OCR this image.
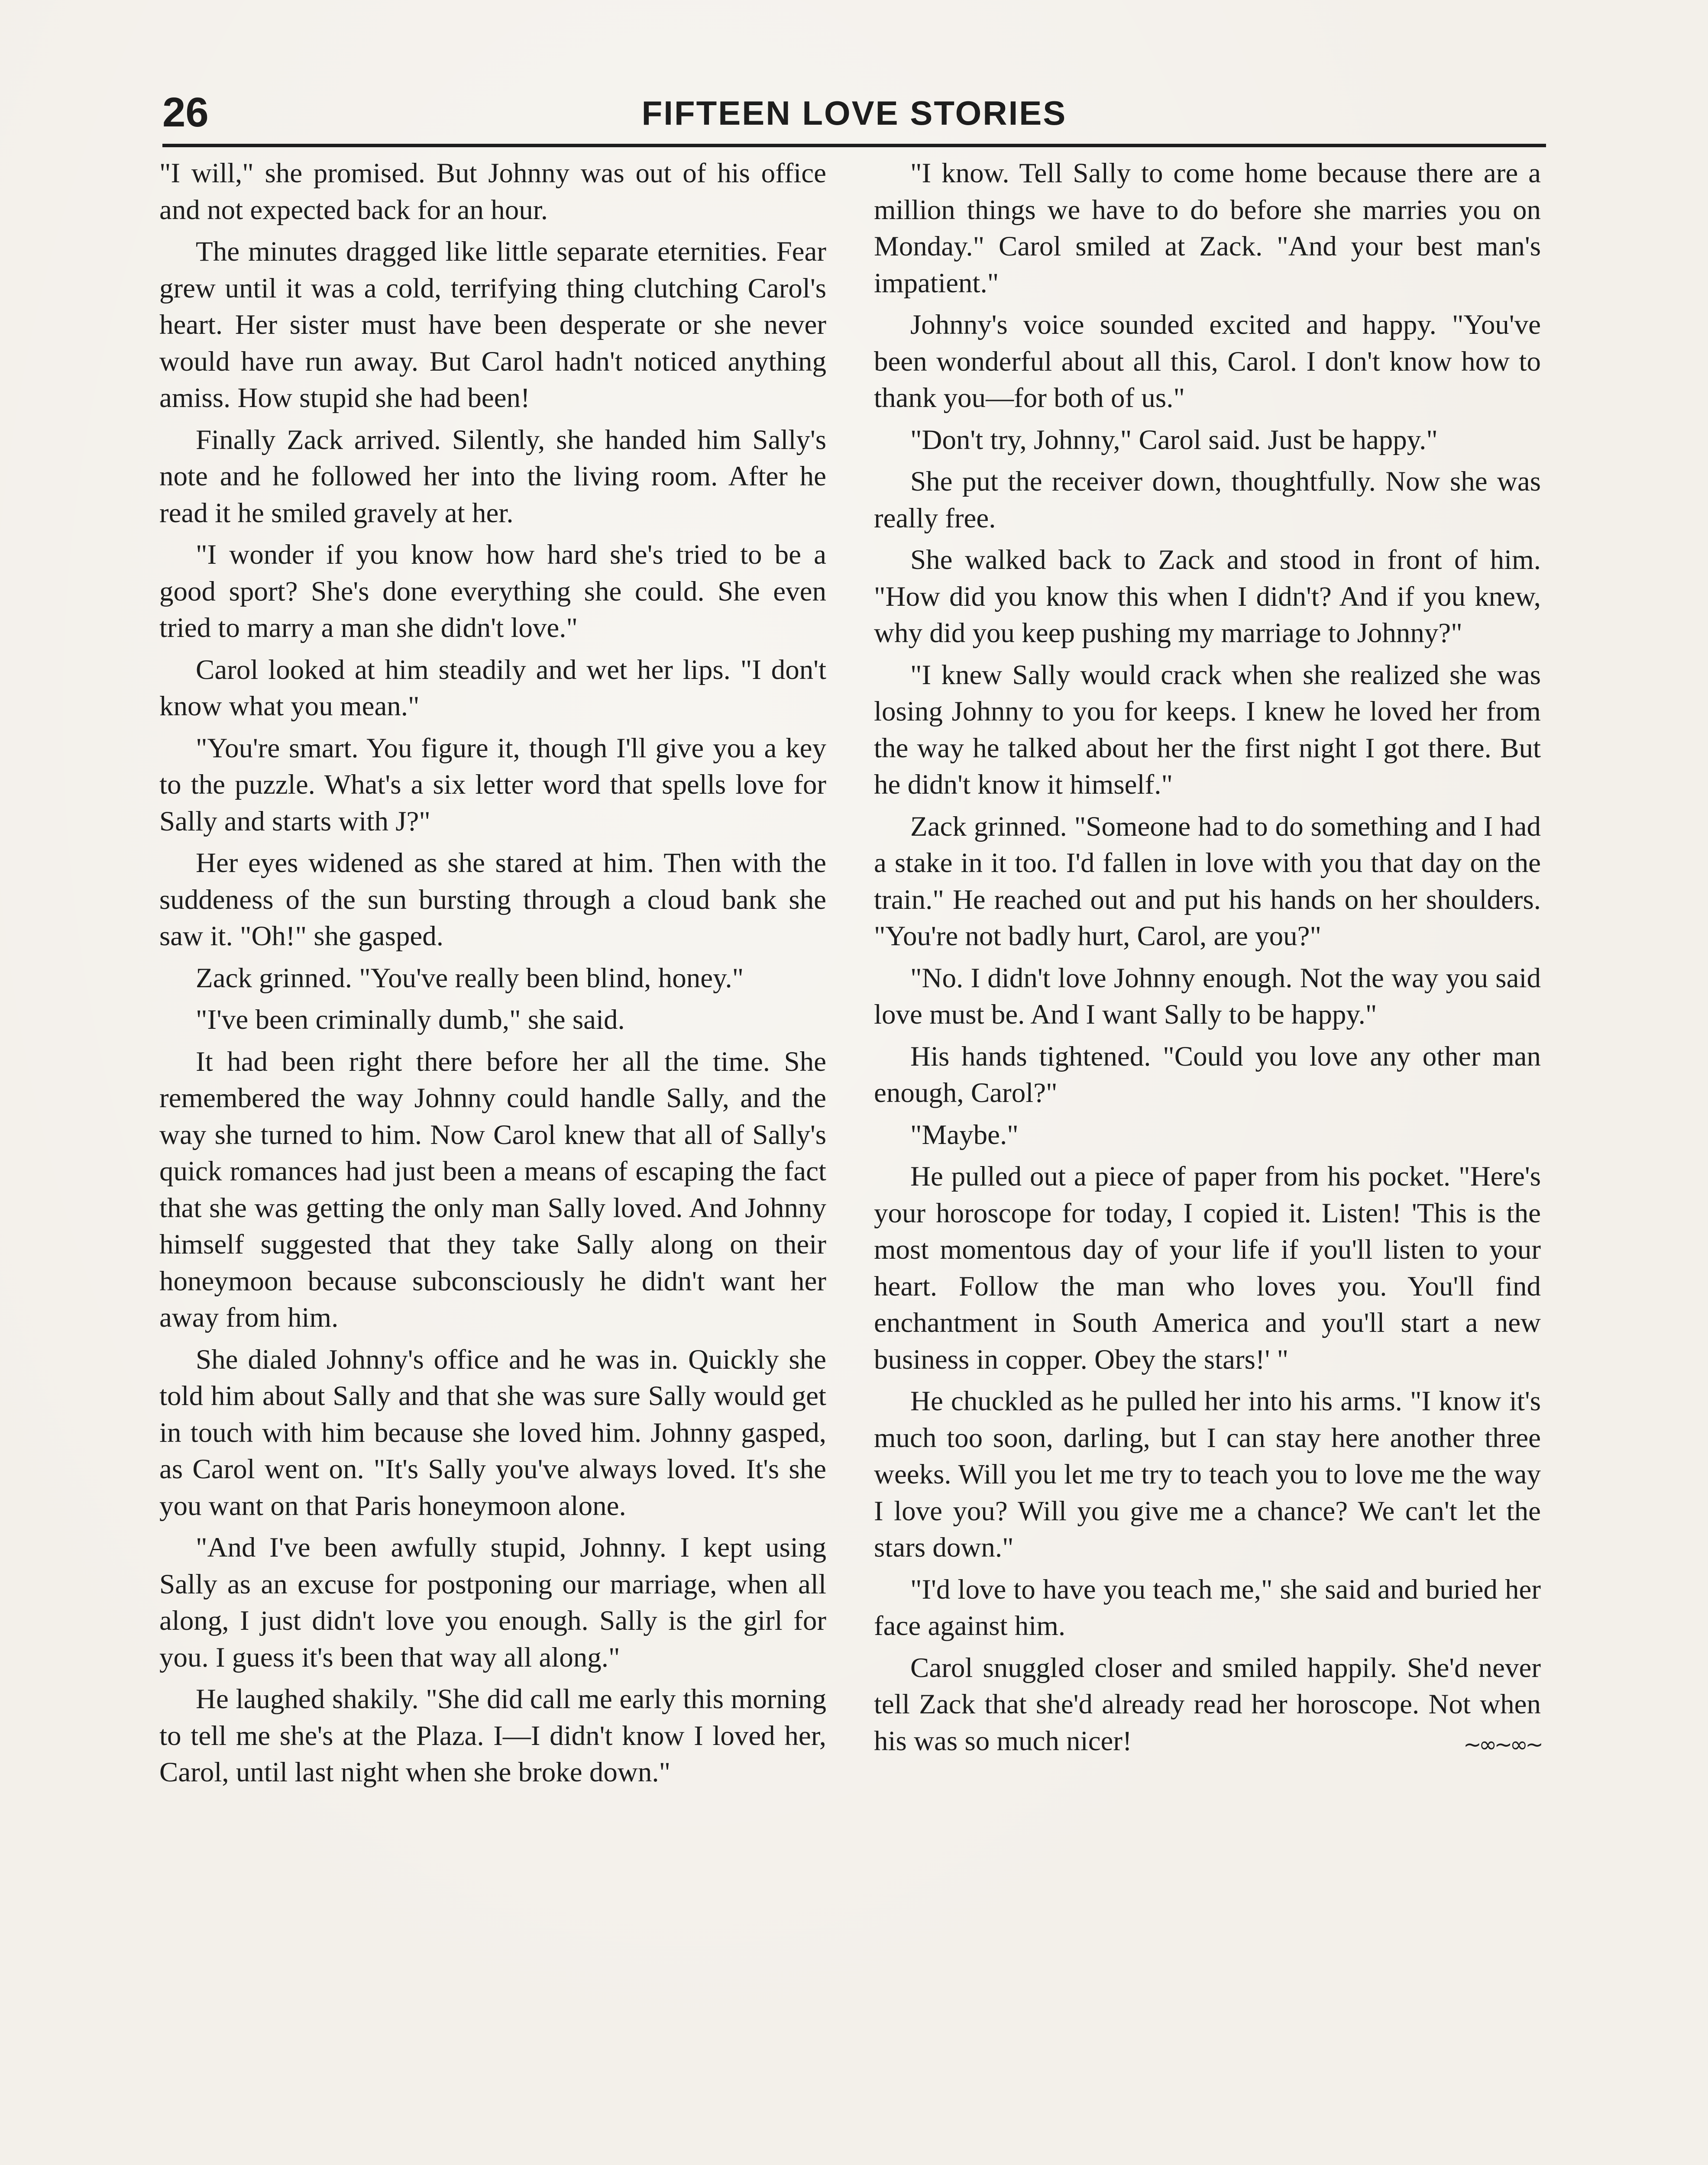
26	FIFTEEN LOVE STORIES

"I will," she promised. But Johnny was out of his office and not expected back for an hour.

The minutes dragged like little separate eternities. Fear grew until it was a cold, terrifying thing clutching Carol's heart. Her sister must have been desperate or she never would have run away. But Carol hadn't noticed anything amiss. How stupid she had been!

Finally Zack arrived. Silently, she handed him Sally's note and he followed her into the living room. After he read it he smiled gravely at her.

"I wonder if you know how hard she's tried to be a good sport? She's done everything she could. She even tried to marry a man she didn't love."

Carol looked at him steadily and wet her lips. "I don't know what you mean."

"You're smart. You figure it, though I'll give you a key to the puzzle. What's a six letter word that spells love for Sally and starts with J?"

Her eyes widened as she stared at him. Then with the suddeness of the sun bursting through a cloud bank she saw it. "Oh!" she gasped.

Zack grinned. "You've really been blind, honey."

"I've been criminally dumb," she said.

It had been right there before her all the time. She remembered the way Johnny could handle Sally, and the way she turned to him. Now Carol knew that all of Sally's quick romances had just been a means of escaping the fact that she was getting the only man Sally loved. And Johnny himself suggested that they take Sally along on their honeymoon because subconsciously he didn't want her away from him.

She dialed Johnny's office and he was in. Quickly she told him about Sally and that she was sure Sally would get in touch with him because she loved him. Johnny gasped, as Carol went on. "It's Sally you've always loved. It's she you want on that Paris honeymoon alone.

"And I've been awfully stupid, Johnny. I kept using Sally as an excuse for postponing our marriage, when all along, I just didn't love you enough. Sally is the girl for you. I guess it's been that way all along."

He laughed shakily. "She did call me early this morning to tell me she's at the Plaza. I—I didn't know I loved her, Carol, until last night when she broke down."

"I know. Tell Sally to come home because there are a million things we have to do before she marries you on Monday." Carol smiled at Zack. "And your best man's impatient."

Johnny's voice sounded excited and happy. "You've been wonderful about all this, Carol. I don't know how to thank you—for both of us."

"Don't try, Johnny," Carol said. Just be happy."

She put the receiver down, thoughtfully. Now she was really free.

She walked back to Zack and stood in front of him. "How did you know this when I didn't? And if you knew, why did you keep pushing my marriage to Johnny?"

"I knew Sally would crack when she realized she was losing Johnny to you for keeps. I knew he loved her from the way he talked about her the first night I got there. But he didn't know it himself."

Zack grinned. "Someone had to do something and I had a stake in it too. I'd fallen in love with you that day on the train." He reached out and put his hands on her shoulders. "You're not badly hurt, Carol, are you?"

"No. I didn't love Johnny enough. Not the way you said love must be. And I want Sally to be happy."

His hands tightened. "Could you love any other man enough, Carol?"

"Maybe."

He pulled out a piece of paper from his pocket. "Here's your horoscope for today, I copied it. Listen! 'This is the most momentous day of your life if you'll listen to your heart. Follow the man who loves you. You'll find enchantment in South America and you'll start a new business in copper. Obey the stars!' "

He chuckled as he pulled her into his arms. "I know it's much too soon, darling, but I can stay here another three weeks. Will you let me try to teach you to love me the way I love you? Will you give me a chance? We can't let the stars down."

"I'd love to have you teach me," she said and buried her face against him.

Carol snuggled closer and smiled happily. She'd never tell Zack that she'd already read her horoscope. Not when his was so much nicer!	~∞~∞~
